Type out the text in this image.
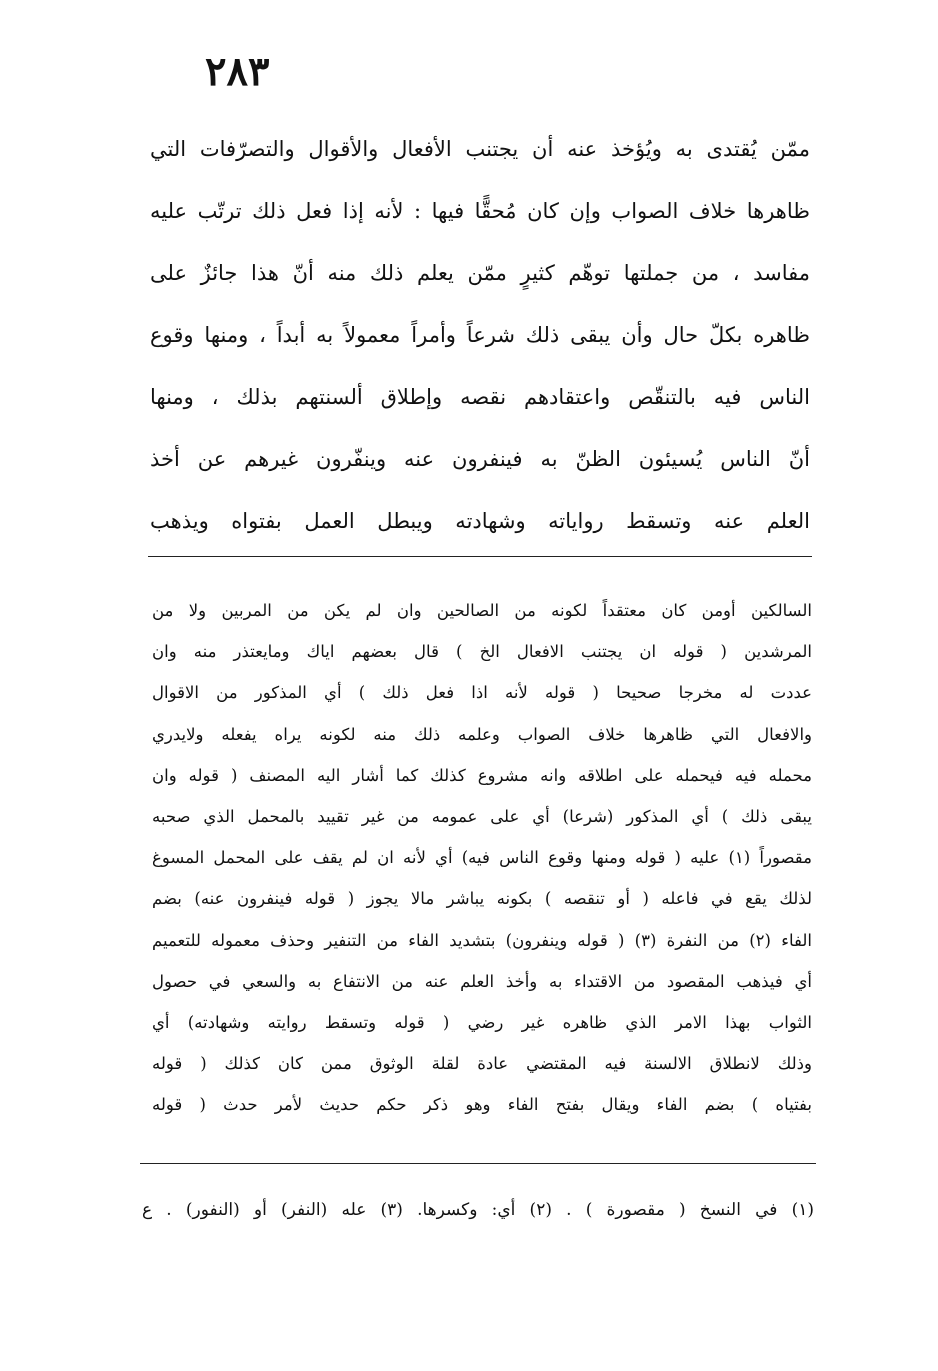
٢٨٣
ممّن يُقتدى به ويُؤخذ عنه أن يجتنب الأفعال والأقوال والتصرّفات التي
ظاهرها خلاف الصواب وإن كان مُحقًّا فيها : لأنه إذا فعل ذلك ترتّب عليه
مفاسد ، من جملتها توهّم كثيرٍ ممّن يعلم ذلك منه أنّ هذا جائزٌ على
ظاهره بكلّ حال وأن يبقى ذلك شرعاً وأمراً معمولاً به أبداً ، ومنها وقوع
الناس فيه بالتنقّص واعتقادهم نقصه وإطلاق ألسنتهم بذلك ، ومنها
أنّ الناس يُسيئون الظنّ به فينفرون عنه وينفّرون غيرهم عن أخذ
العلم عنه وتسقط رواياته وشهادته ويبطل العمل بفتواه ويذهب
السالكين أومن كان معتقداً لكونه من الصالحين وان لم يكن من المربين ولا من
المرشدين ( قوله ان يجتنب الافعال الخ ) قال بعضهم اياك ومايعتذر منه وان
عددت له مخرجا صحيحا ( قوله لأنه اذا فعل ذلك ) أي المذكور من الاقوال
والافعال التي ظاهرها خلاف الصواب وعلمه ذلك منه لكونه يراه يفعله ولايدري
محمله فيه فيحمله على اطلاقه وانه مشروع كذلك كما أشار اليه المصنف ( قوله وان
يبقى ذلك ) أي المذكور (شرعا) أي على عمومه من غير تقييد بالمحمل الذي صحبه
مقصوراً (١) عليه ( قوله ومنها وقوع الناس فيه) أي لأنه ان لم يقف على المحمل المسوغ
لذلك يقع في فاعله ( أو تنقصه ) بكونه يباشر مالا يجوز ( قوله فينفرون عنه) بضم
الفاء (٢) من النفرة (٣) ( قوله وينفرون) بتشديد الفاء من التنفير وحذف معموله للتعميم
أي فيذهب المقصود من الاقتداء به وأخذ العلم عنه من الانتفاع به والسعي في حصول
الثواب بهذا الامر الذي ظاهره غير رضي ( قوله وتسقط روايته وشهادته) أي
وذلك لانطلاق الالسنة فيه المقتضي عادة لقلة الوثوق ممن كان كذلك ( قوله
بفتياه ) بضم الفاء ويقال بفتح الفاء وهو ذكر حكم حديث لأمر حدث ( قوله
(١) في النسخ ( مقصورة ) . (٢) أي: وكسرها. (٣) عله (النفر) أو (النفور) . ع
